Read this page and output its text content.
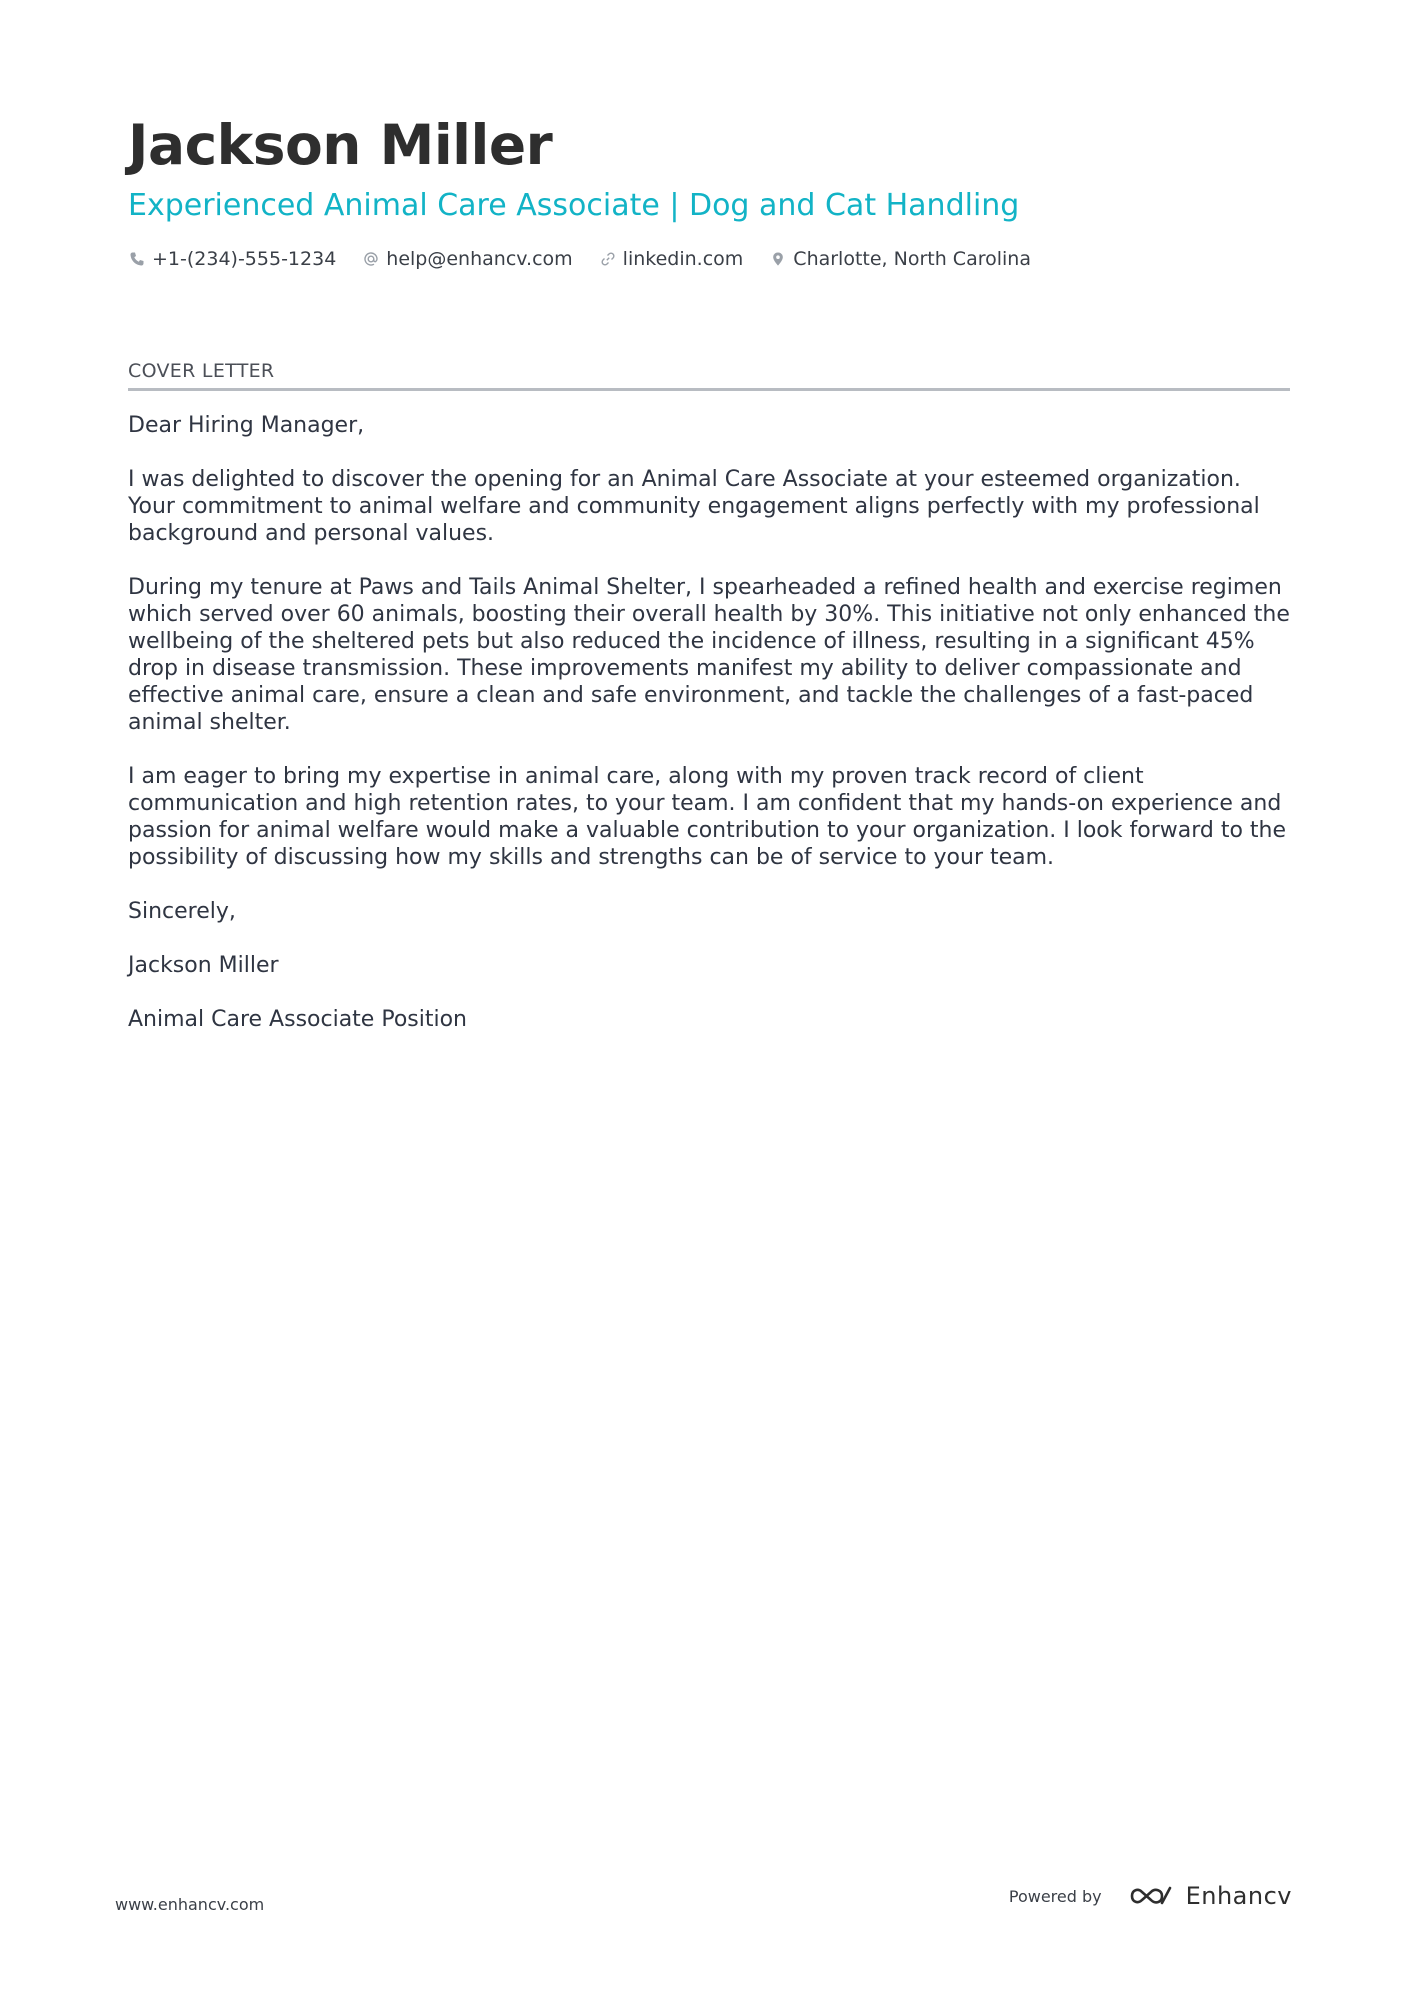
Jackson Miller
Experienced Animal Care Associate | Dog and Cat Handling
+1-(234)-555-1234	help@enhancv.com	linkedin.com	Charlotte, North Carolina
COVER LETTER

Dear Hiring Manager,

I was delighted to discover the opening for an Animal Care Associate at your esteemed organization. Your commitment to animal welfare and community engagement aligns perfectly with my professional background and personal values.

During my tenure at Paws and Tails Animal Shelter, I spearheaded a refined health and exercise regimen which served over 60 animals, boosting their overall health by 30%. This initiative not only enhanced the wellbeing of the sheltered pets but also reduced the incidence of illness, resulting in a significant 45% drop in disease transmission. These improvements manifest my ability to deliver compassionate and effective animal care, ensure a clean and safe environment, and tackle the challenges of a fast-paced animal shelter.

I am eager to bring my expertise in animal care, along with my proven track record of client communication and high retention rates, to your team. I am confident that my hands-on experience and passion for animal welfare would make a valuable contribution to your organization. I look forward to the possibility of discussing how my skills and strengths can be of service to your team.

Sincerely,

Jackson Miller

Animal Care Associate Position

www.enhancv.com	Powered by	Enhancv
